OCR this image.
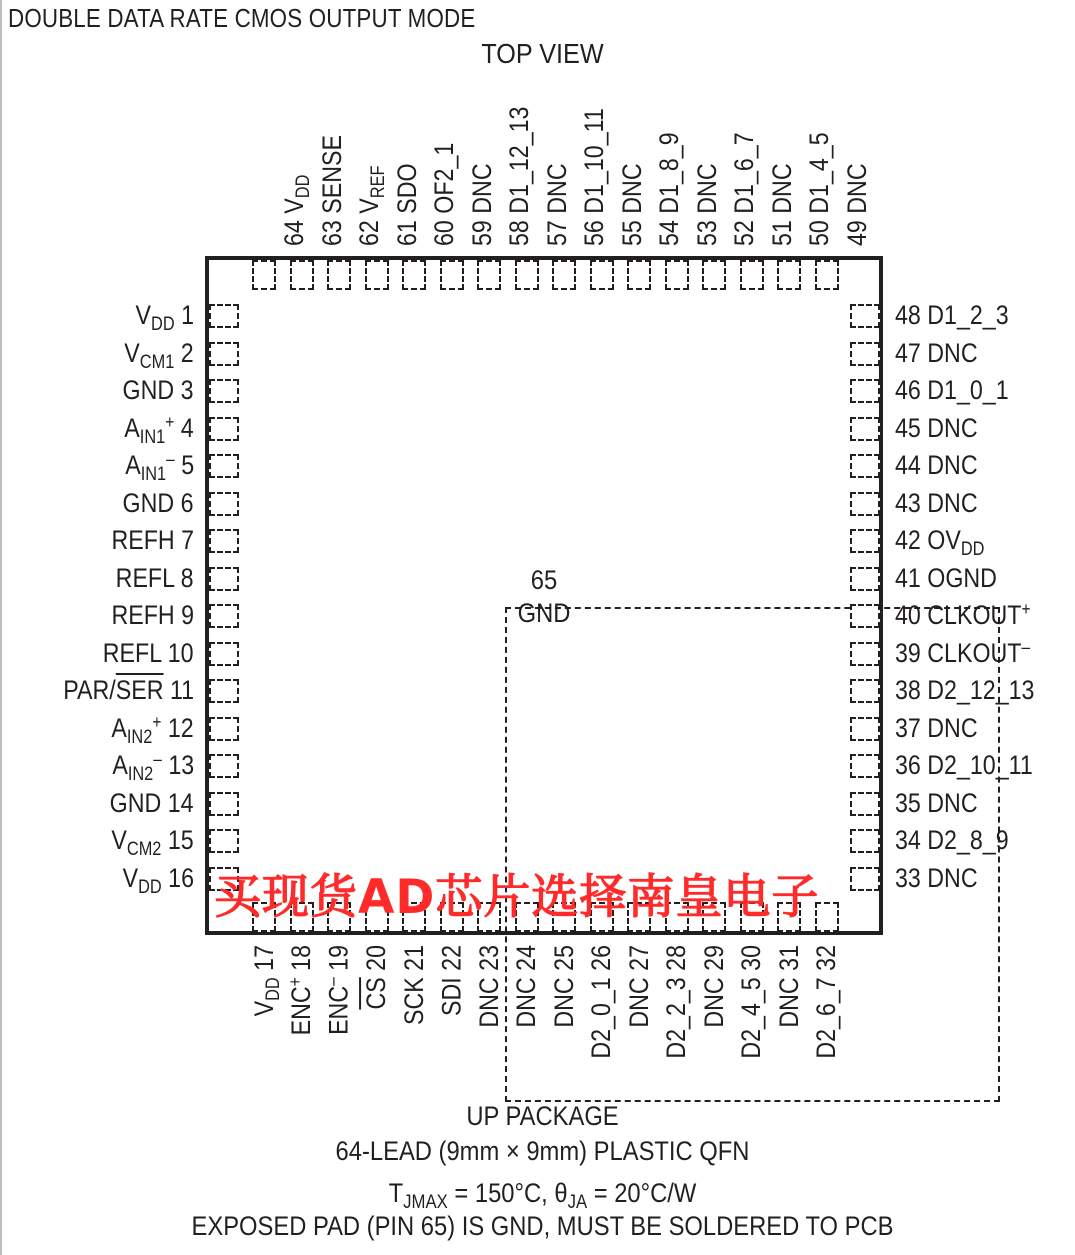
DOUBLE DATA RATE CMOS OUTPUT MODE
TOP VIEW
65
GND
$V_{DD}$ 1
$V_{CM1}$ 2
GND 3
$A_{IN1}^+$ 4
$A_{IN1}^-$ 5
GND 6
REFH 7
REFL 8
REFH 9
REFL 10
PAR/$\overline{SER}$ 11
$A_{IN2}^+$ 12
$A_{IN2}^-$ 13
GND 14
$V_{CM2}$ 15
$V_{DD}$ 16
48 D1_2_3
47 DNC
46 D1_0_1
45 DNC
44 DNC
43 DNC
42 $OV_{DD}$
41 OGND
40 CLKOUT+
39 CLKOUT–
38 D2_12_13
37 DNC
36 D2_10_11
35 DNC
34 D2_8_9
33 DNC
64 $V_{DD}$
63 SENSE
62 $V_{REF}$
61 SDO
60 OF2_1
59 DNC
58 D1_12_13
57 DNC
56 D1_10_11
55 DNC
54 D1_8_9
53 DNC
52 D1_6_7
51 DNC
50 D1_4_5
49 DNC
$V_{DD}$ 17
ENC+ 18
ENC– 19
$\overline{CS}$ 20
SCK 21
SDI 22
DNC 23
DNC 24
DNC 25
D2_0_1 26
DNC 27
D2_2_3 28
DNC 29
D2_4_5 30
DNC 31
D2_6_7 32
买现货AD芯片选择南皇电子
UP PACKAGE
64-LEAD (9mm × 9mm) PLASTIC QFN
$T_{JMAX} = 150^\circ C$, $\theta_{JA} = 20^\circ C/W$
EXPOSED PAD (PIN 65) IS GND, MUST BE SOLDERED TO PCB
